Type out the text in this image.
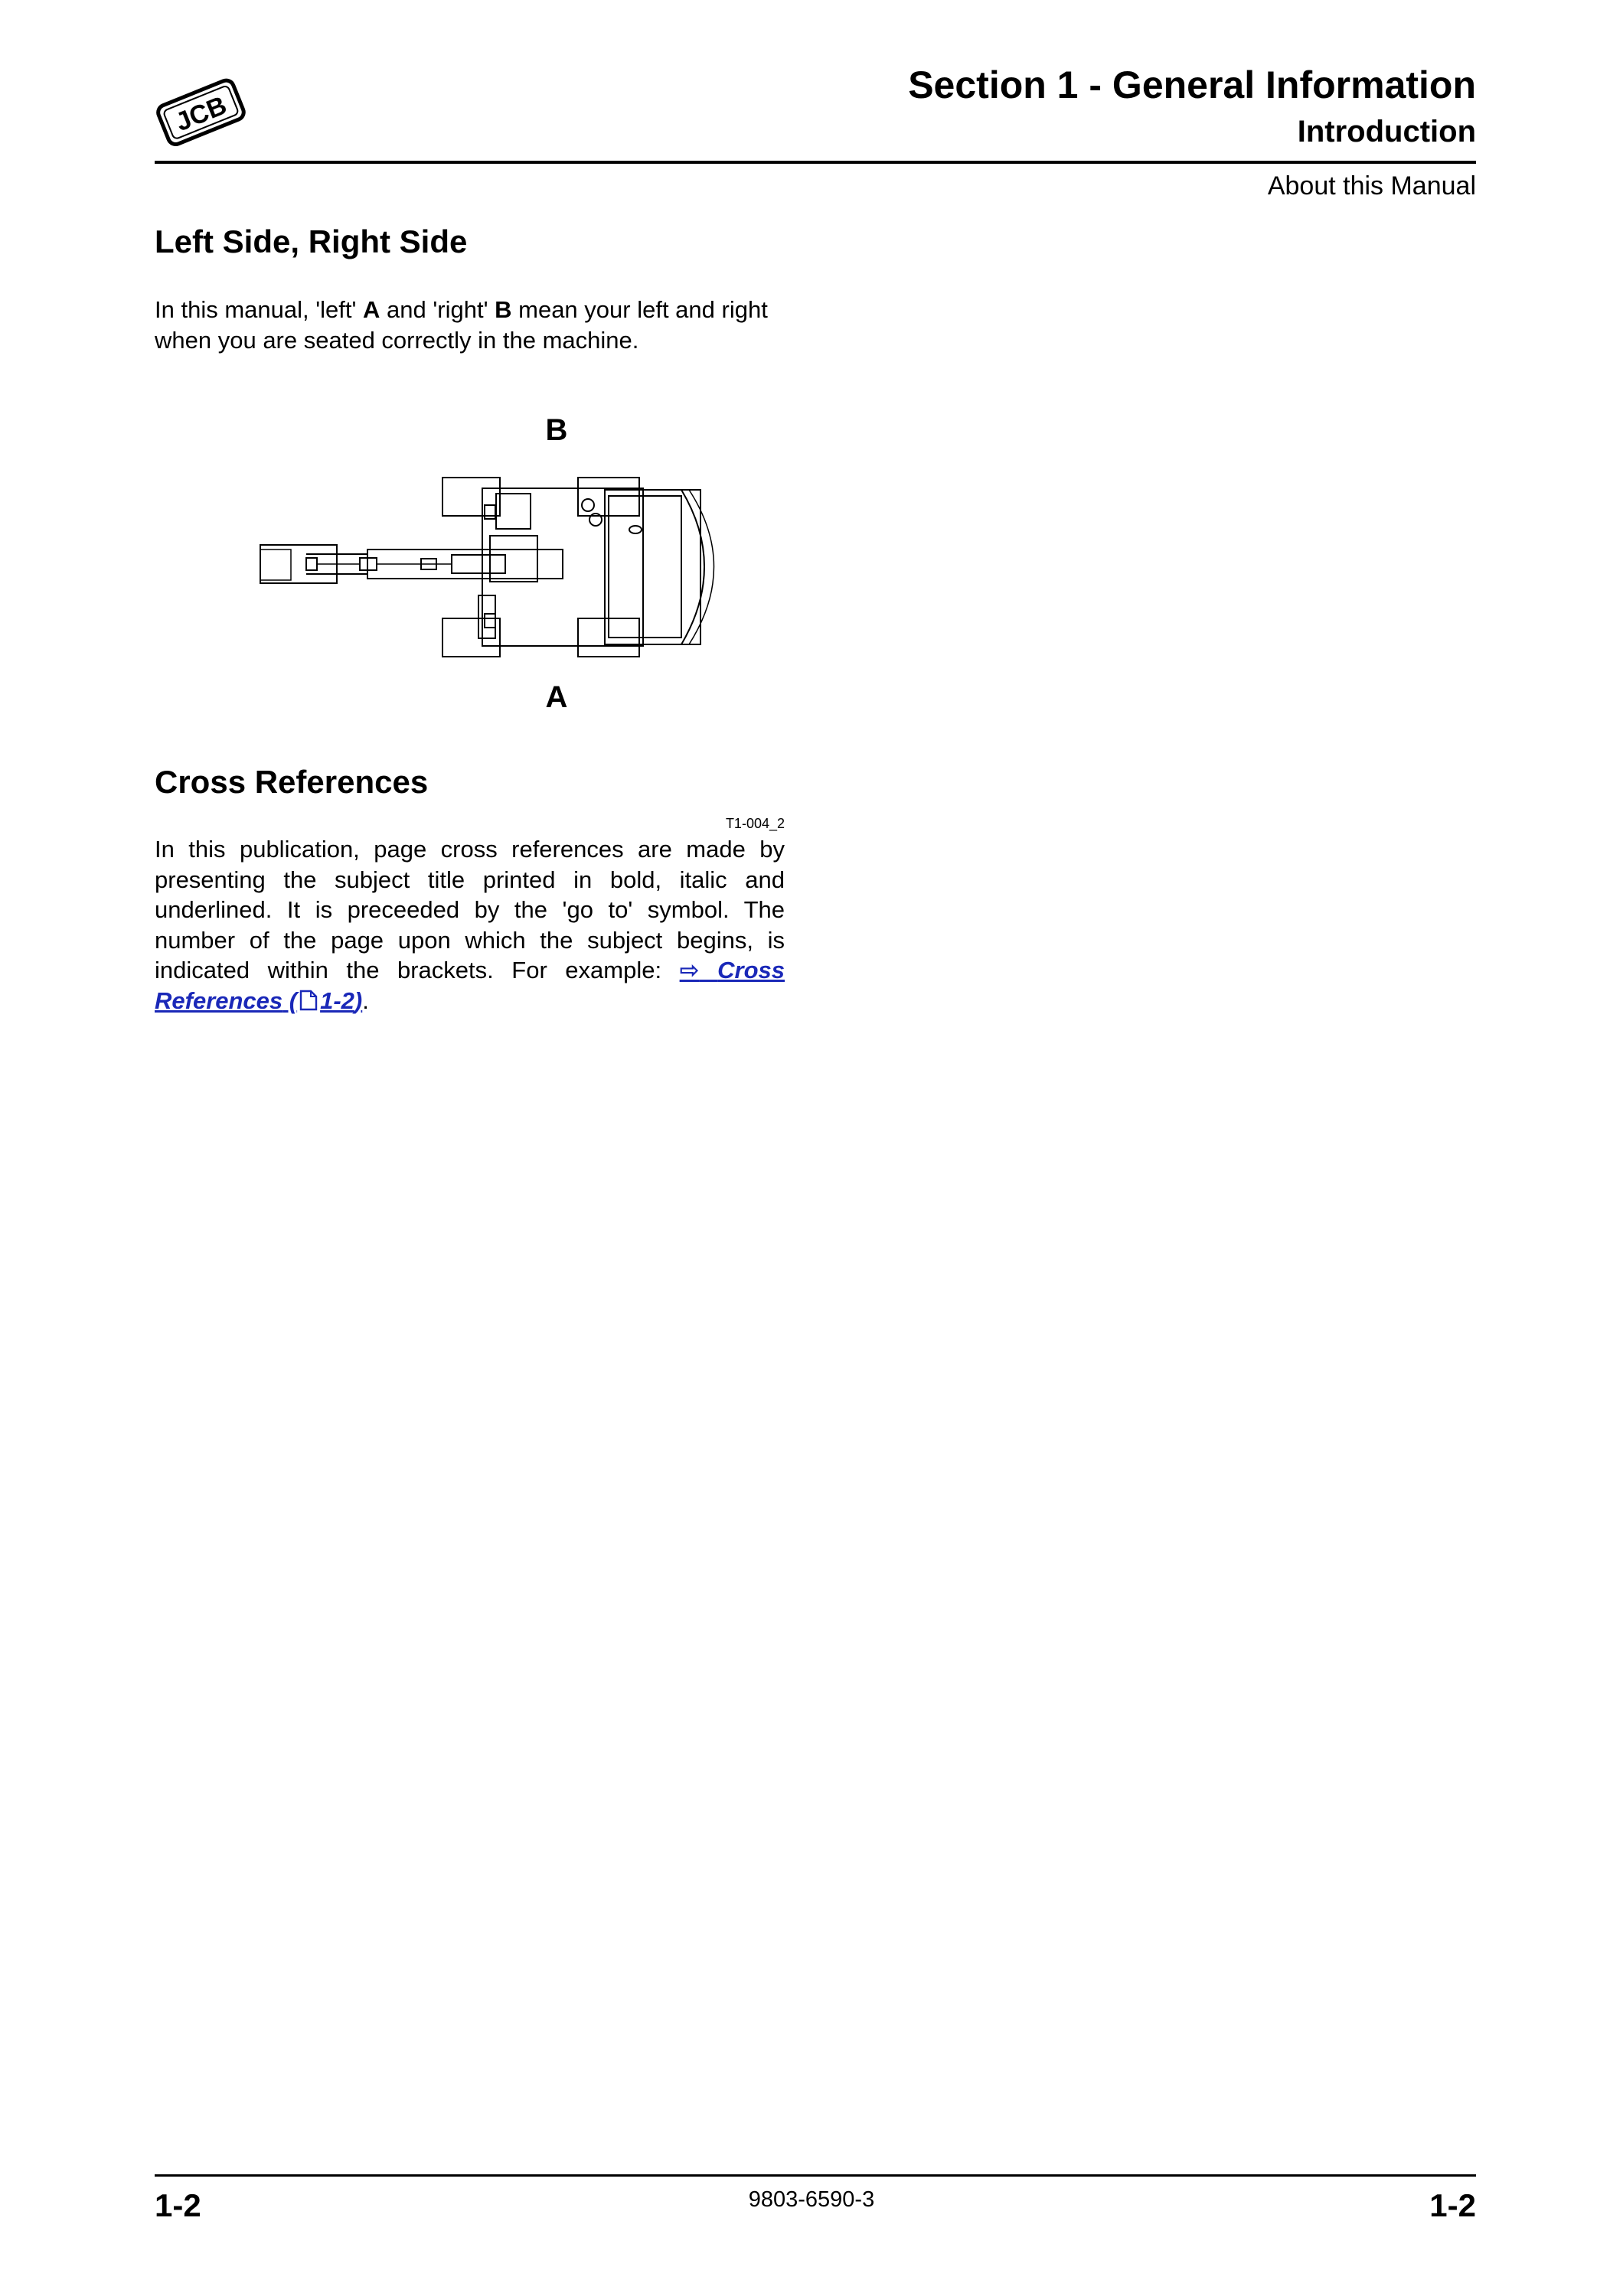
JCB
Section 1 - General Information
Introduction
About this Manual
Left Side, Right Side
In this manual, 'left' A and 'right' B mean your left and right when you are seated correctly in the machine.
B
A
Cross References
T1-004_2
In this publication, page cross references are made by presenting the subject title printed in bold, italic and underlined. It is preceeded by the 'go to' symbol. The number of the page upon which the subject begins, is indicated within the brackets. For example: ⇨ Cross References ( 1-2).
1-2	9803-6590-3	1-2
